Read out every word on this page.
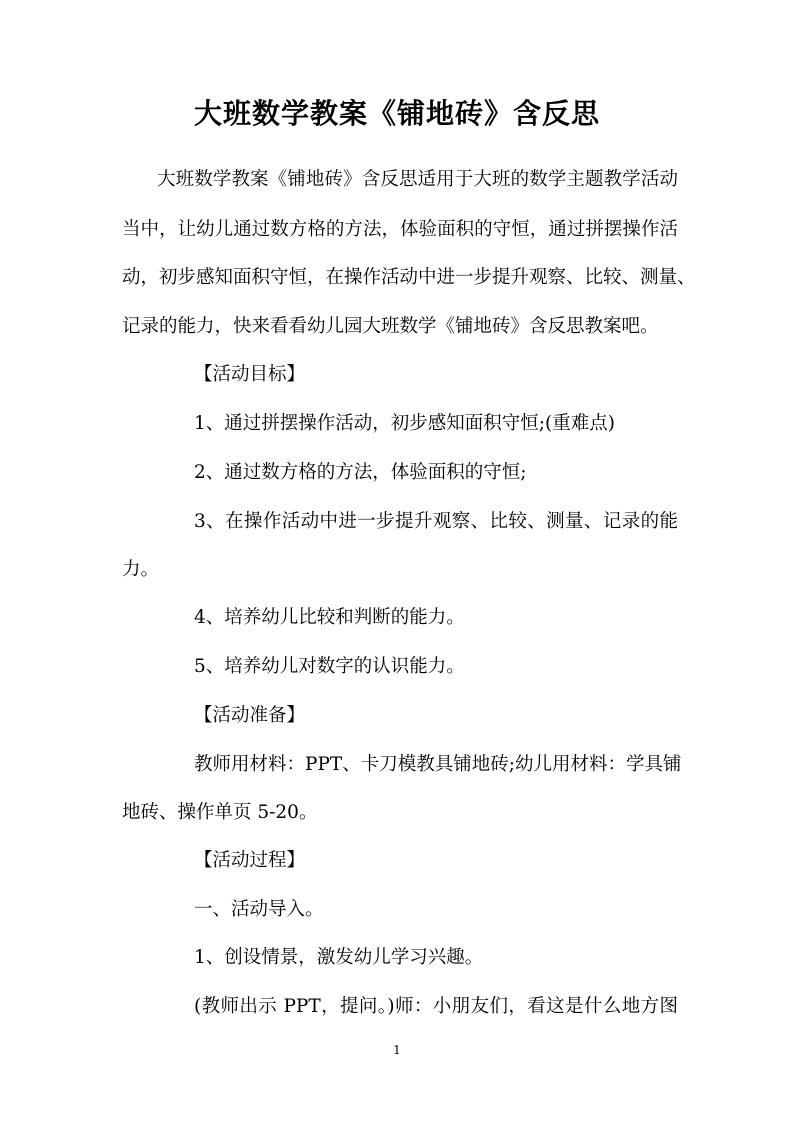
大班数学教案《铺地砖》含反思
大班数学教案《铺地砖》含反思适用于大班的数学主题教学活动
当中，让幼儿通过数方格的方法，体验面积的守恒，通过拼摆操作活
动，初步感知面积守恒，在操作活动中进一步提升观察、比较、测量、
记录的能力，快来看看幼儿园大班数学《铺地砖》含反思教案吧。
【活动目标】
1、通过拼摆操作活动，初步感知面积守恒;(重难点)
2、通过数方格的方法，体验面积的守恒;
3、在操作活动中进一步提升观察、比较、测量、记录的能
力。
4、培养幼儿比较和判断的能力。
5、培养幼儿对数字的认识能力。
【活动准备】
教师用材料：PPT、卡刀模教具铺地砖;幼儿用材料：学具铺
地砖、操作单页 5-20。
【活动过程】
一、活动导入。
1、创设情景，激发幼儿学习兴趣。
(教师出示 PPT，提问。)师：小朋友们，看这是什么地方图
1
